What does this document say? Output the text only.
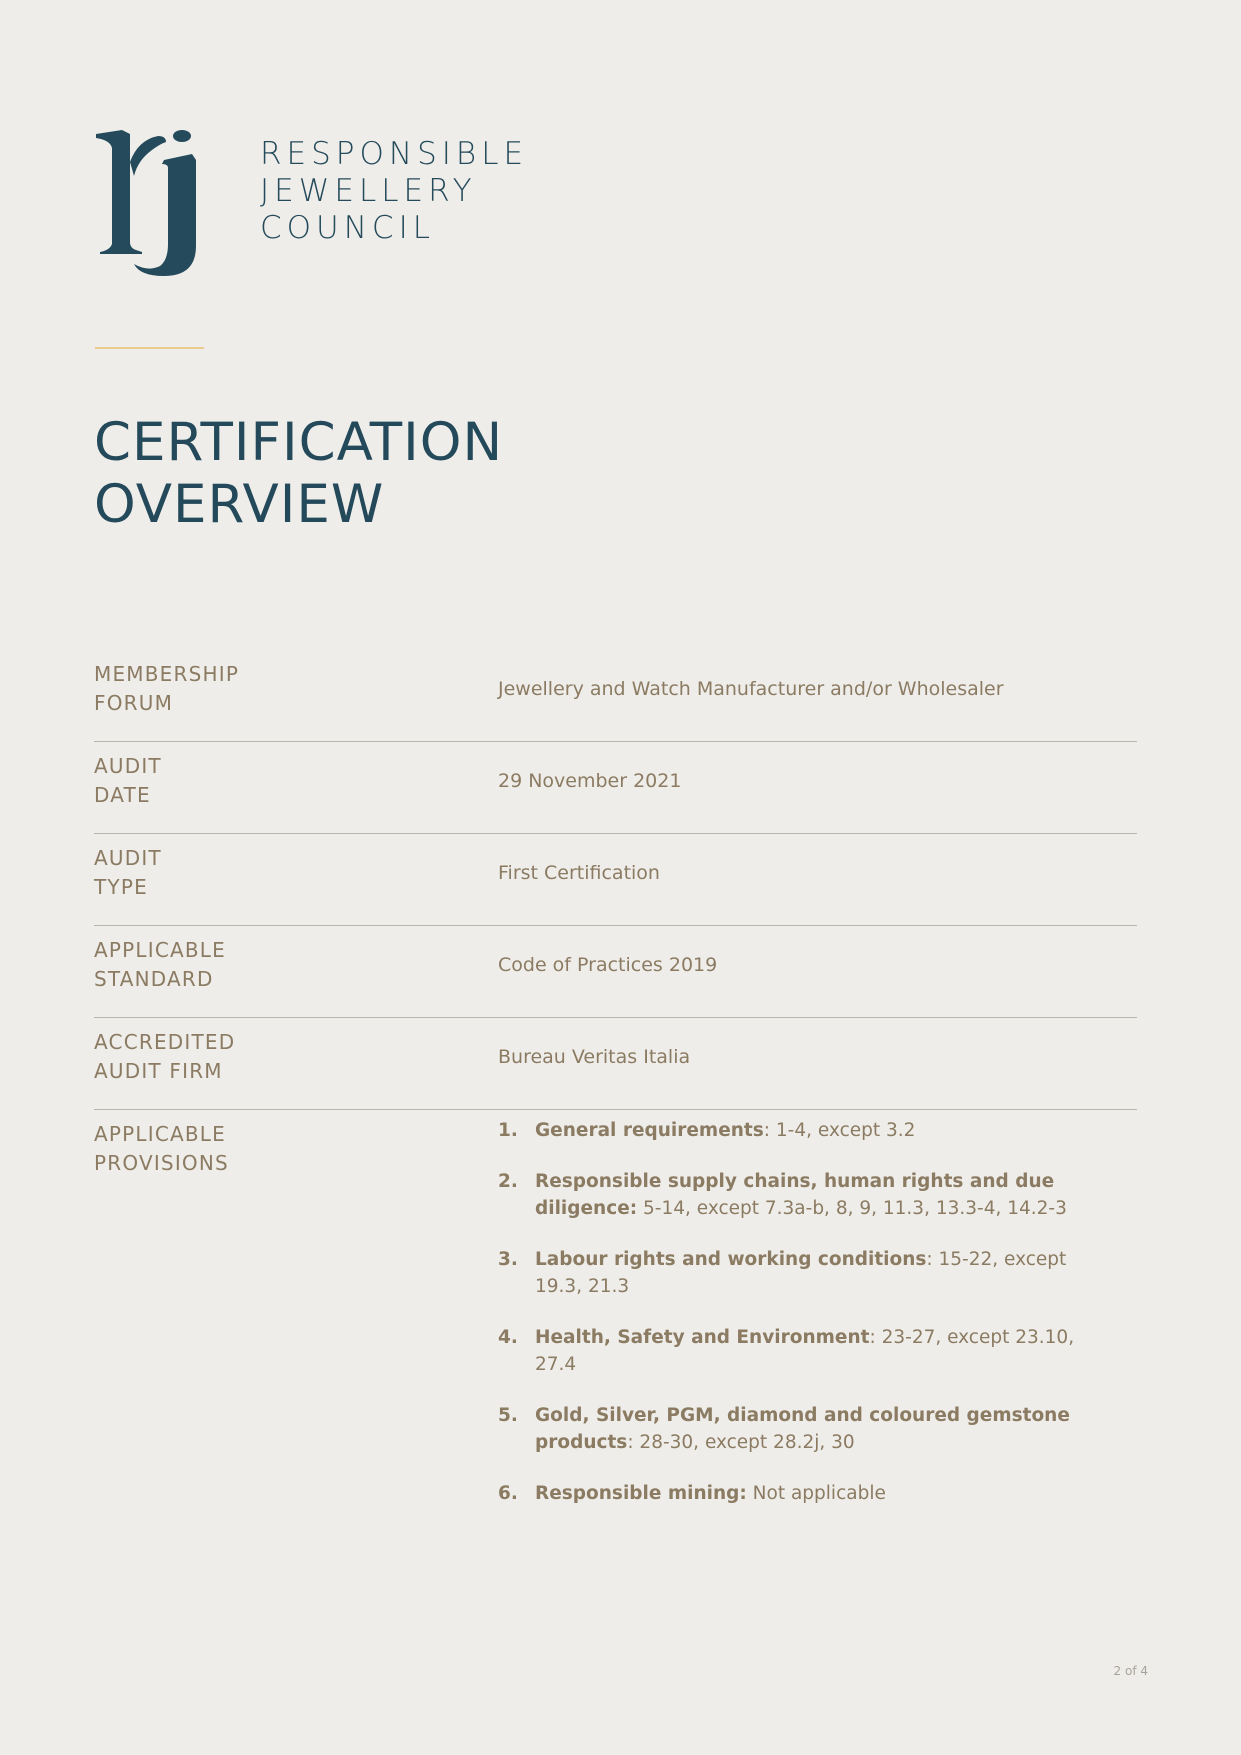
RESPONSIBLE
JEWELLERY
COUNCIL
CERTIFICATION
OVERVIEW
MEMBERSHIP
FORUM
Jewellery and Watch Manufacturer and/or Wholesaler
AUDIT
DATE
29 November 2021
AUDIT
TYPE
First Certification
APPLICABLE
STANDARD
Code of Practices 2019
ACCREDITED
AUDIT FIRM
Bureau Veritas Italia
APPLICABLE
PROVISIONS
1. General requirements: 1-4, except 3.2
2. Responsible supply chains, human rights and due diligence: 5-14, except 7.3a-b, 8, 9, 11.3, 13.3-4, 14.2-3
3. Labour rights and working conditions: 15-22, except 19.3, 21.3
4. Health, Safety and Environment: 23-27, except 23.10, 27.4
5. Gold, Silver, PGM, diamond and coloured gemstone products: 28-30, except 28.2j, 30
6. Responsible mining: Not applicable
2 of 4
